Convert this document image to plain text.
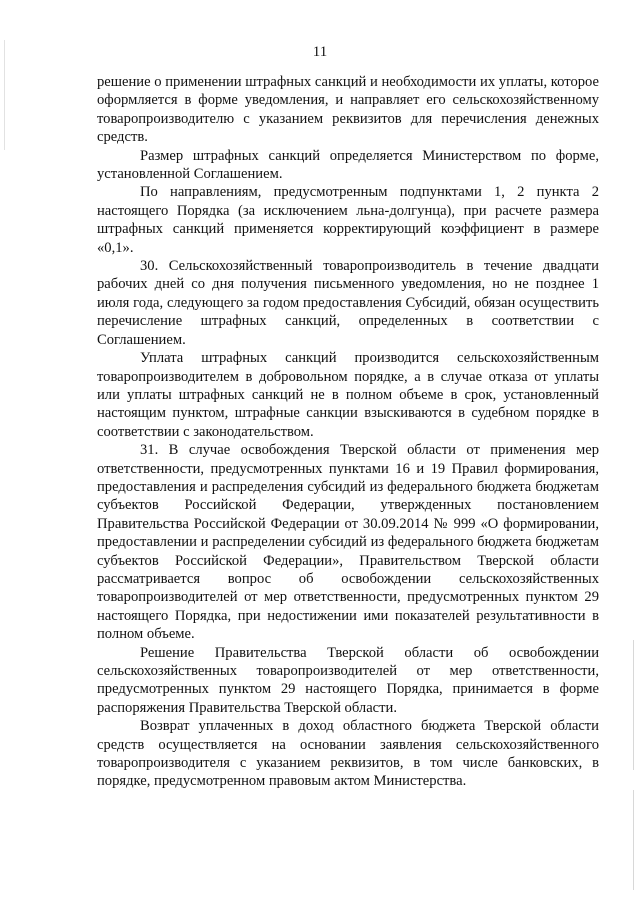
11

решение о применении штрафных санкций и необходимости их уплаты, которое оформляется в форме уведомления, и направляет его сельскохозяйственному товаропроизводителю с указанием реквизитов для перечисления денежных средств.

Размер штрафных санкций определяется Министерством по форме, установленной Соглашением.

По направлениям, предусмотренным подпунктами 1, 2 пункта 2 настоящего Порядка (за исключением льна-долгунца), при расчете размера штрафных санкций применяется корректирующий коэффициент в размере «0,1».

30. Сельскохозяйственный товаропроизводитель в течение двадцати рабочих дней со дня получения письменного уведомления, но не позднее 1 июля года, следующего за годом предоставления Субсидий, обязан осуществить перечисление штрафных санкций, определенных в соответствии с Соглашением.

Уплата штрафных санкций производится сельскохозяйственным товаропроизводителем в добровольном порядке, а в случае отказа от уплаты или уплаты штрафных санкций не в полном объеме в срок, установленный настоящим пунктом, штрафные санкции взыскиваются в судебном порядке в соответствии с законодательством.

31. В случае освобождения Тверской области от применения мер ответственности, предусмотренных пунктами 16 и 19 Правил формирования, предоставления и распределения субсидий из федерального бюджета бюджетам субъектов Российской Федерации, утвержденных постановлением Правительства Российской Федерации от 30.09.2014 № 999 «О формировании, предоставлении и распределении субсидий из федерального бюджета бюджетам субъектов Российской Федерации», Правительством Тверской области рассматривается вопрос об освобождении сельскохозяйственных товаропроизводителей от мер ответственности, предусмотренных пунктом 29 настоящего Порядка, при недостижении ими показателей результативности в полном объеме.

Решение Правительства Тверской области об освобождении сельскохозяйственных товаропроизводителей от мер ответственности, предусмотренных пунктом 29 настоящего Порядка, принимается в форме распоряжения Правительства Тверской области.

Возврат уплаченных в доход областного бюджета Тверской области средств осуществляется на основании заявления сельскохозяйственного товаропроизводителя с указанием реквизитов, в том числе банковских, в порядке, предусмотренном правовым актом Министерства.
